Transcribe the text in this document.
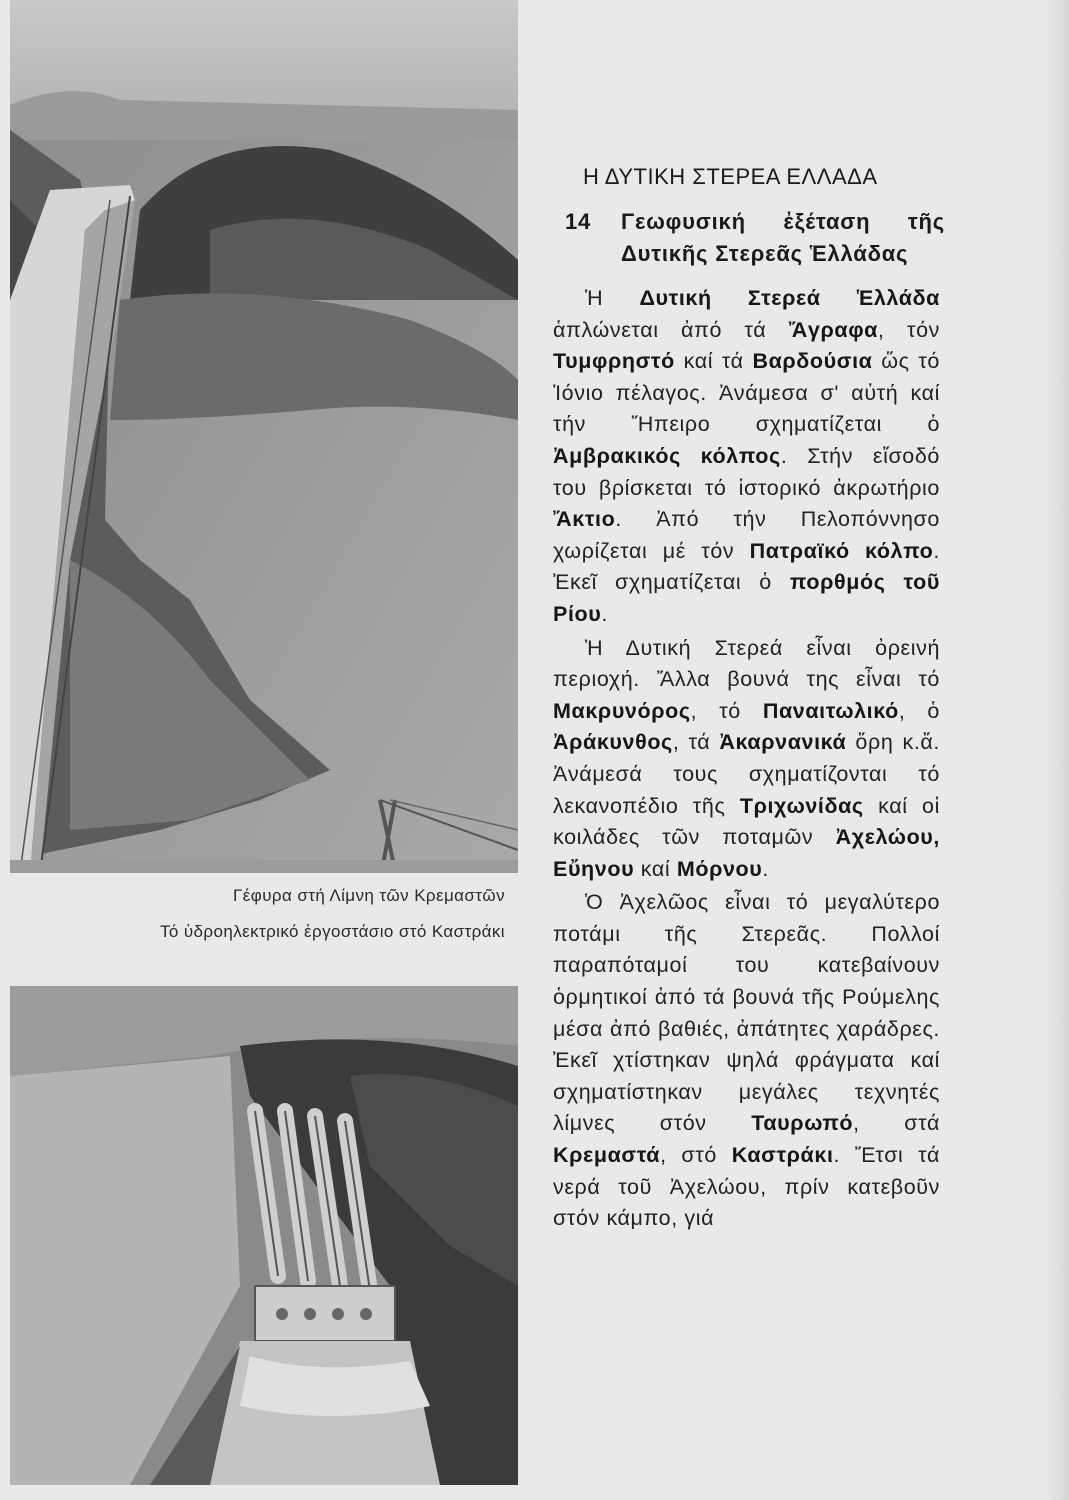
Γέφυρα στή Λίμνη τῶν Κρεμαστῶν
Τό ὑδροηλεκτρικό ἐργοστάσιο στό Καστράκι
Η ΔΥΤΙΚΗ ΣΤΕΡΕΑ ΕΛΛΑΔΑ
14 Γεωφυσική ἐξέταση τῆς Δυτικῆς Στερεᾶς Ἑλλάδας

Ἡ Δυτική Στερεά Ἑλλάδα ἁπλώνεται ἀπό τά Ἄγραφα, τόν Τυμφρηστό καί τά Βαρδούσια ὥς τό Ἰόνιο πέλαγος. Ἀνάμεσα σ' αὐτή καί τήν Ἤπειρο σχηματίζεται ὁ Ἀμβρακικός κόλπος. Στήν εἴσοδό του βρίσκεται τό ἱστορικό ἀκρωτήριο Ἄκτιο. Ἀπό τήν Πελοπόννησο χωρίζεται μέ τόν Πατραϊκό κόλπο. Ἐκεῖ σχηματίζεται ὁ πορθμός τοῦ Ρίου.

Ἡ Δυτική Στερεά εἶναι ὀρεινή περιοχή. Ἄλλα βουνά της εἶναι τό Μακρυνόρος, τό Παναιτωλικό, ὁ Ἀράκυνθος, τά Ἀκαρνανικά ὄρη κ.ἄ. Ἀνάμεσά τους σχηματίζονται τό λεκανοπέδιο τῆς Τριχωνίδας καί οἱ κοιλάδες τῶν ποταμῶν Ἀχελώου, Εὔηνου καί Μόρνου.

Ὁ Ἀχελῶος εἶναι τό μεγαλύτερο ποτάμι τῆς Στερεᾶς. Πολλοί παραπόταμοί του κατεβαίνουν ὁρμητικοί ἀπό τά βουνά τῆς Ρούμελης μέσα ἀπό βαθιές, ἀπάτητες χαράδρες. Ἐκεῖ χτίστηκαν ψηλά φράγματα καί σχηματίστηκαν μεγάλες τεχνητές λίμνες στόν Ταυρωπό, στά Κρεμαστά, στό Καστράκι. Ἔτσι τά νερά τοῦ Ἀχελώου, πρίν κατεβοῦν στόν κάμπο, γιά
